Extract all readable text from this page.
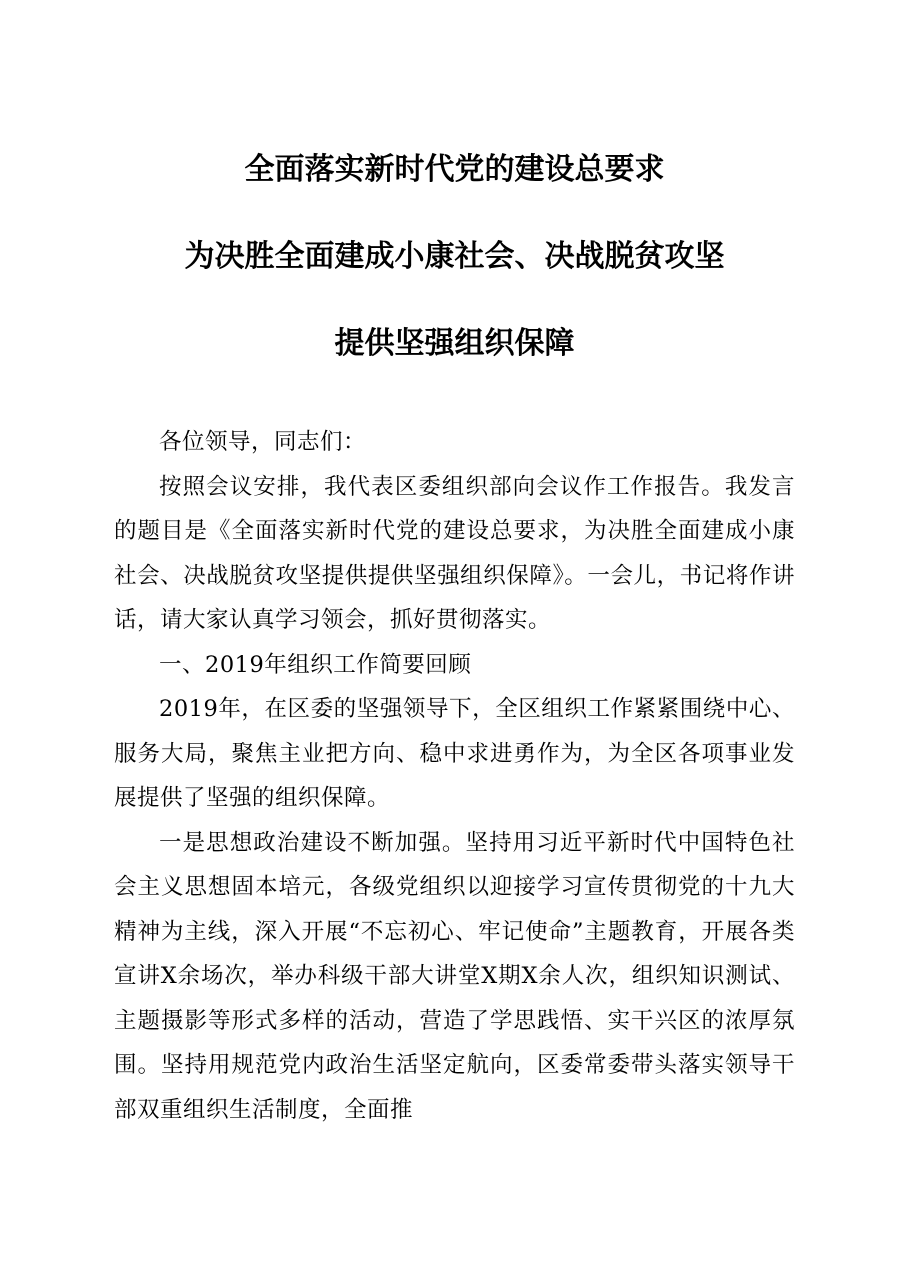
全面落实新时代党的建设总要求

为决胜全面建成小康社会、决战脱贫攻坚

提供坚强组织保障

各位领导，同志们：

按照会议安排，我代表区委组织部向会议作工作报告。我发言的题目是《全面落实新时代党的建设总要求，为决胜全面建成小康社会、决战脱贫攻坚提供提供坚强组织保障》。一会儿，书记将作讲话，请大家认真学习领会，抓好贯彻落实。

一、2019年组织工作简要回顾

2019年，在区委的坚强领导下，全区组织工作紧紧围绕中心、服务大局，聚焦主业把方向、稳中求进勇作为，为全区各项事业发展提供了坚强的组织保障。

一是思想政治建设不断加强。坚持用习近平新时代中国特色社会主义思想固本培元，各级党组织以迎接学习宣传贯彻党的十九大精神为主线，深入开展“不忘初心、牢记使命”主题教育，开展各类宣讲X余场次，举办科级干部大讲堂X期X余人次，组织知识测试、主题摄影等形式多样的活动，营造了学思践悟、实干兴区的浓厚氛围。坚持用规范党内政治生活坚定航向，区委常委带头落实领导干部双重组织生活制度，全面推
